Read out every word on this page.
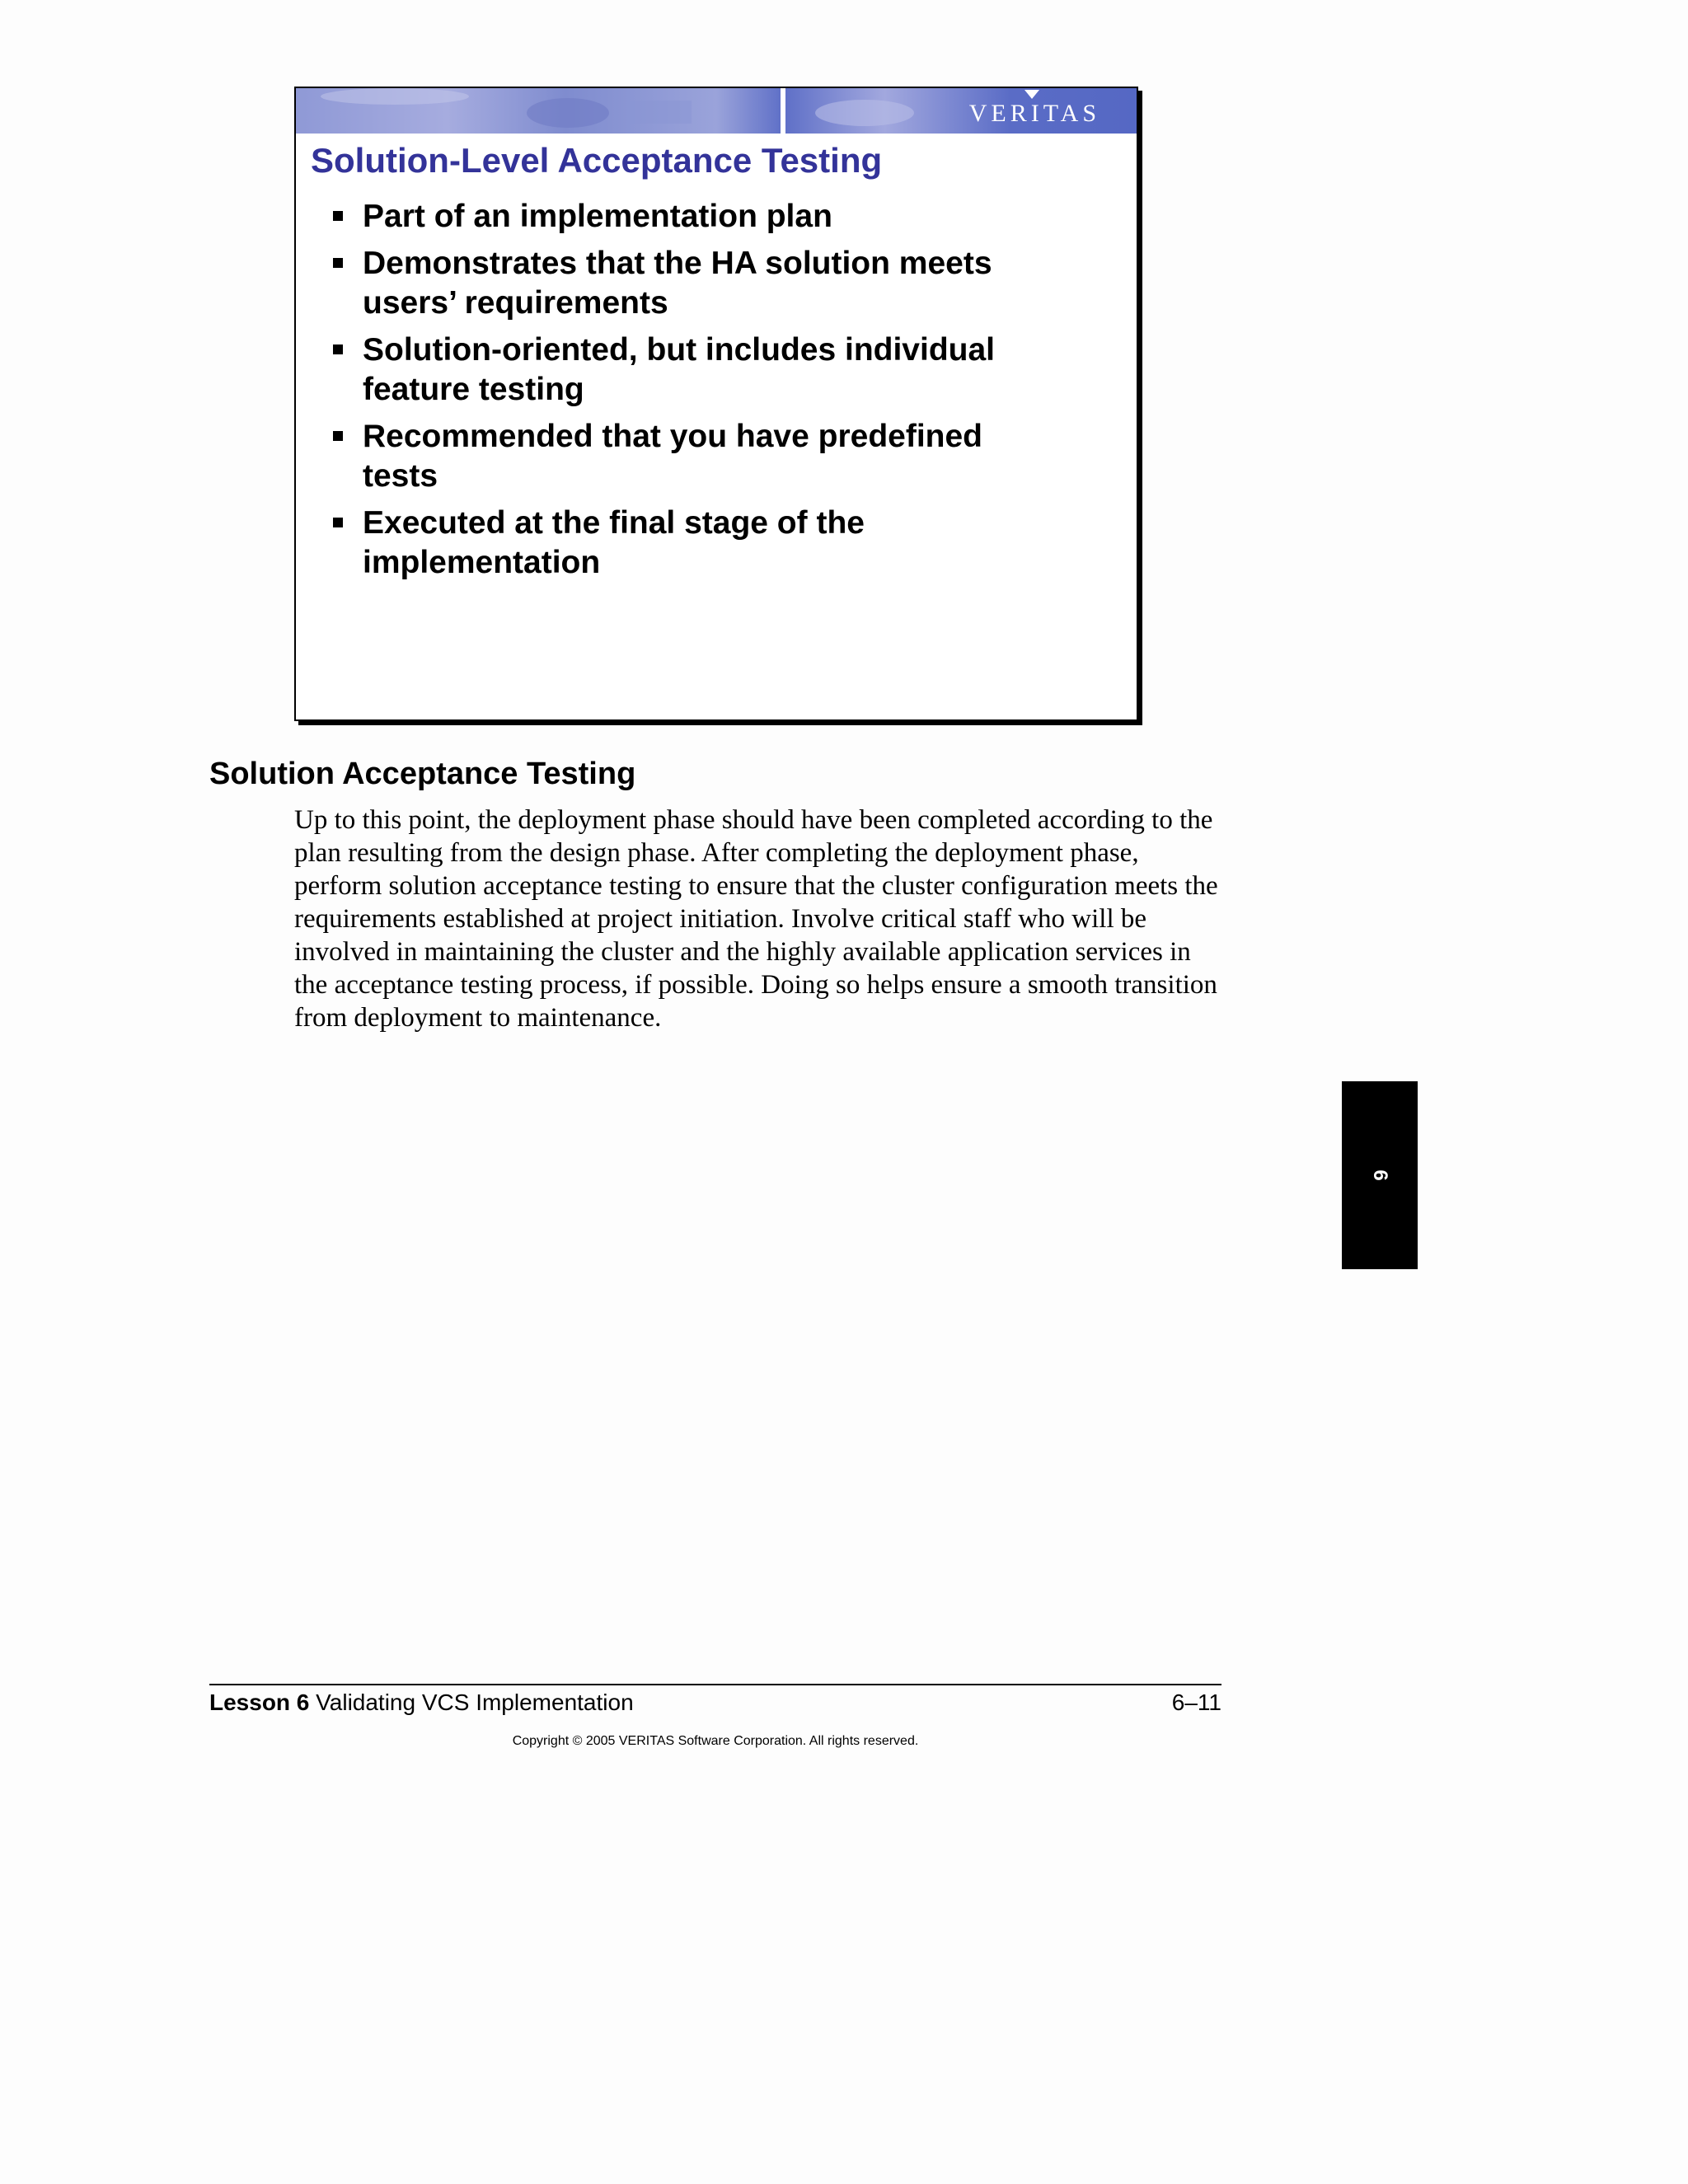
VERITAS
Solution-Level Acceptance Testing
Part of an implementation plan
Demonstrates that the HA solution meets users’ requirements
Solution-oriented, but includes individual feature testing
Recommended that you have predefined tests
Executed at the final stage of the implementation
Solution Acceptance Testing

Up to this point, the deployment phase should have been completed according to the plan resulting from the design phase. After completing the deployment phase, perform solution acceptance testing to ensure that the cluster configuration meets the requirements established at project initiation. Involve critical staff who will be involved in maintaining the cluster and the highly available application services in the acceptance testing process, if possible. Doing so helps ensure a smooth transition from deployment to maintenance.

6
Lesson 6 Validating VCS Implementation	6–11
Copyright © 2005 VERITAS Software Corporation. All rights reserved.
